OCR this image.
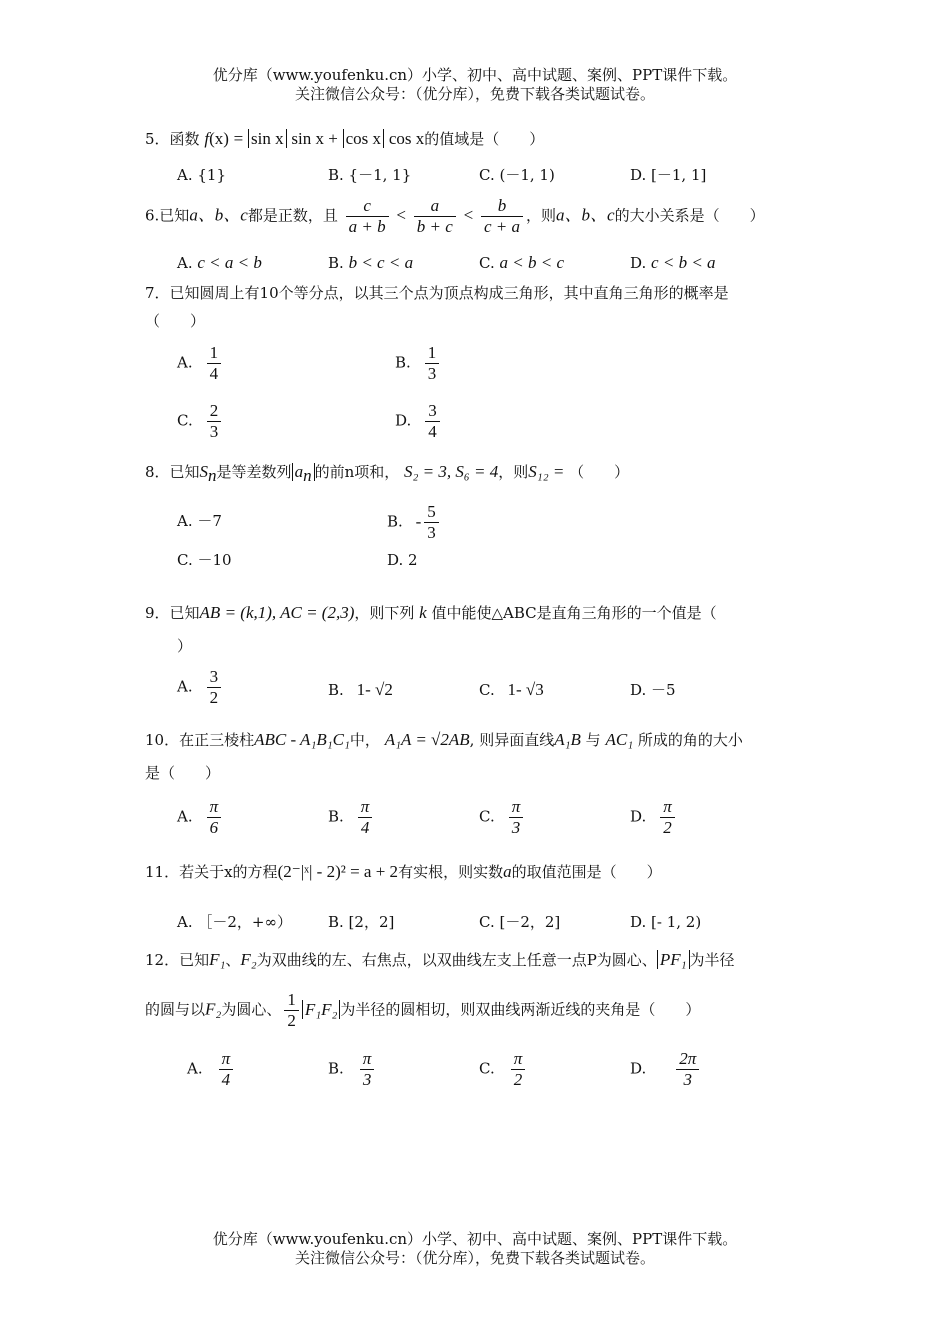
优分库（www.youfenku.cn）小学、初中、高中试题、案例、PPT课件下载。
关注微信公众号：（优分库），免费下载各类试题试卷。
5．函数 f(x) = sin x sin x + cos x cos x的值域是（　　）
A. {1}	B. {－1, 1}	C. (－1, 1)	D. [－1, 1]
6.已知a、b、c都是正数，且 $\frac{c}{a + b} < \frac{a}{b + c} < \frac{b}{c + a}$ ，则a、b、c的大小关系是（　　）
A. c < a < b	B. b < c < a	C. a < b < c	D. c < b < a
7．已知圆周上有10个等分点，以其三个点为顶点构成三角形，其中直角三角形的概率是
（　　）
A. $\frac{1}{4}$	B. $\frac{1}{3}$
C. $\frac{2}{3}$	D. $\frac{3}{4}$
8．已知$S_n$是等差数列 $a_n$ 的前n项和， S₂ = 3, S₆ = 4，则S₁₂ = （　　）
A. －7	B. - $\frac{5}{3}$
C. －10	D. 2
9．已知AB = (k,1), AC = (2,3)，则下列 k 值中能使△ABC是直角三角形的一个值是（
）
A. $\frac{3}{2}$	B. 1- √2	C. 1- √3	D. －5
10．在正三棱柱ABC - A₁B₁C₁中， A₁A = √2AB, 则异面直线A₁B 与 AC₁ 所成的角的大小
是（　　）
A. $\frac{\pi}{6}$	B. $\frac{\pi}{4}$	C. $\frac{\pi}{3}$	D. $\frac{\pi}{2}$
11．若关于x的方程(2⁻|ˣ| - 2)² = a + 2有实根，则实数a的取值范围是（　　）
A. ［－2，+∞） B. [2，2]	C. [－2，2]	D. [- 1, 2)
12．已知F₁、F₂为双曲线的左、右焦点，以双曲线左支上任意一点P为圆心、 PF₁ 为半径
的圆与以F₂为圆心、 $\frac{1}{2} F_1F_2$ 为半径的圆相切，则双曲线两渐近线的夹角是（　　）
A. $\frac{\pi}{4}$	B. $\frac{\pi}{3}$	C. $\frac{\pi}{2}$	D. $\frac{2\pi}{3}$
优分库（www.youfenku.cn）小学、初中、高中试题、案例、PPT课件下载。
关注微信公众号：（优分库），免费下载各类试题试卷。
